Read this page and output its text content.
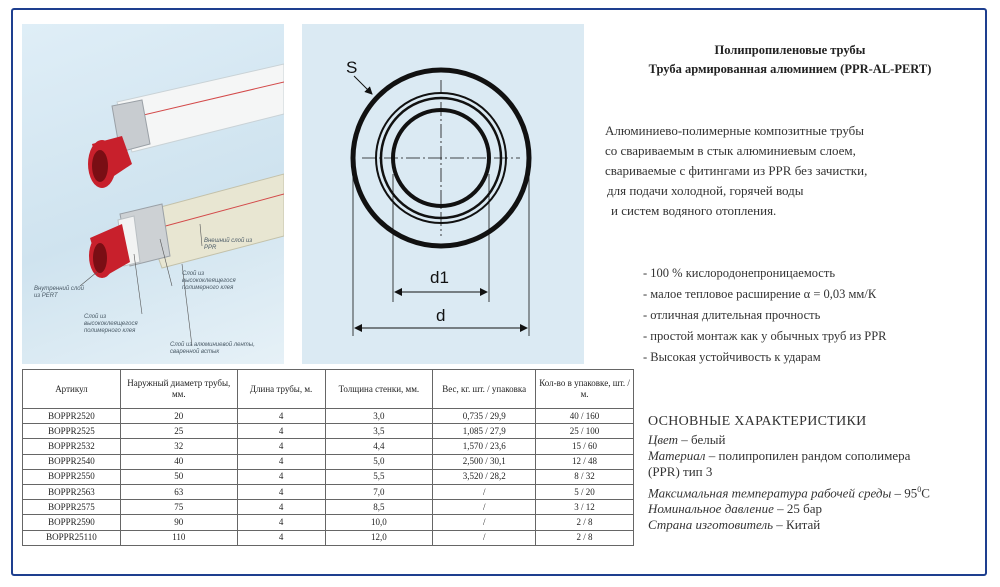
Внешний слой из PPR
Слой из высококлеящегося полимерного клея
Внутренний слой из PERT
Слой из высококлеящегося полимерного клея
Слой из алюминиевой ленты, сваренной встык
S
d1
d
Полипропиленовые трубы
Труба армированная алюминием (PPR-AL-PERT)
Алюминиево-полимерные композитные трубы
со свариваемым в стык алюминиевым слоем,
свариваемые с фитингами из PPR без зачистки,
для подачи холодной, горячей воды
и систем водяного отопления.
- 100 % кислородонепроницаемость
- малое тепловое расширение α = 0,03 мм/К
- отличная длительная прочность
- простой монтаж как у обычных труб из PPR
- Высокая устойчивость к ударам
Артикул	Наружный диаметр трубы, мм.	Длина трубы, м.	Толщина стенки, мм.	Вес, кг. шт. / упаковка	Кол-во в упаковке, шт. / м.
BOPPR2520	20	4	3,0	0,735 / 29,9	40 / 160
BOPPR2525	25	4	3,5	1,085 / 27,9	25 / 100
BOPPR2532	32	4	4,4	1,570 / 23,6	15 / 60
BOPPR2540	40	4	5,0	2,500 / 30,1	12 / 48
BOPPR2550	50	4	5,5	3,520 / 28,2	8 / 32
BOPPR2563	63	4	7,0	/	5 / 20
BOPPR2575	75	4	8,5	/	3 / 12
BOPPR2590	90	4	10,0	/	2 / 8
BOPPR25110	110	4	12,0	/	2 / 8
ОСНОВНЫЕ ХАРАКТЕРИСТИКИ
Цвет – белый
Материал – полипропилен рандом сополимера
(PPR) тип 3
Максимальная температура рабочей среды – $95^0С$
Номинальное давление – 25 бар
Страна изготовитель – Китай
